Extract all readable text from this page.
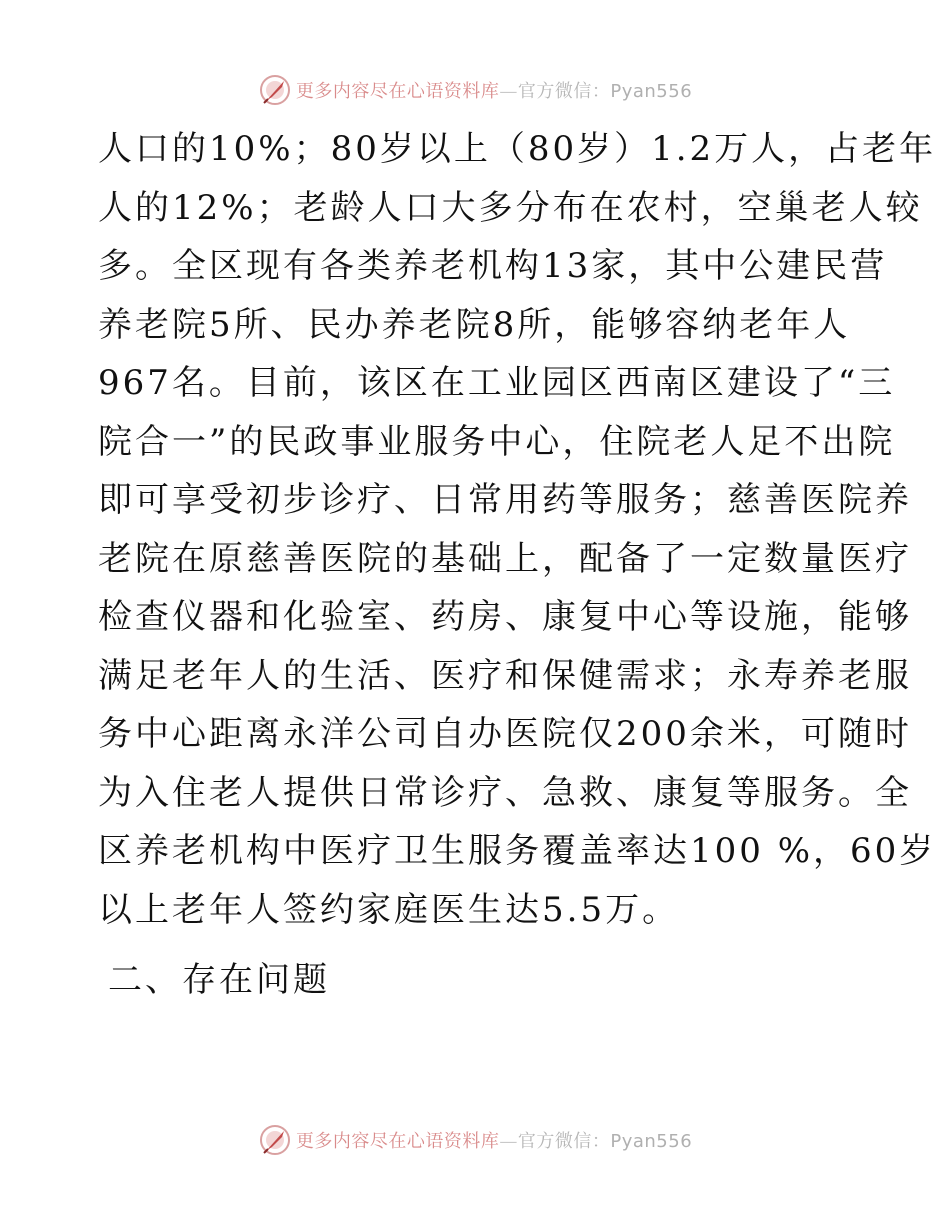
更多内容尽在心语资料库—官方微信：Pyan556
人口的10%；80岁以上（80岁）1.2万人，占老年
人的12%；老龄人口大多分布在农村，空巢老人较
多。全区现有各类养老机构13家，其中公建民营
养老院5所、民办养老院8所，能够容纳老年人
967名。目前，该区在工业园区西南区建设了“三
院合一”的民政事业服务中心，住院老人足不出院
即可享受初步诊疗、日常用药等服务；慈善医院养
老院在原慈善医院的基础上，配备了一定数量医疗
检查仪器和化验室、药房、康复中心等设施，能够
满足老年人的生活、医疗和保健需求；永寿养老服
务中心距离永洋公司自办医院仅200余米，可随时
为入住老人提供日常诊疗、急救、康复等服务。全
区养老机构中医疗卫生服务覆盖率达100 %，60岁
以上老年人签约家庭医生达5.5万。
二、存在问题
更多内容尽在心语资料库—官方微信：Pyan556
